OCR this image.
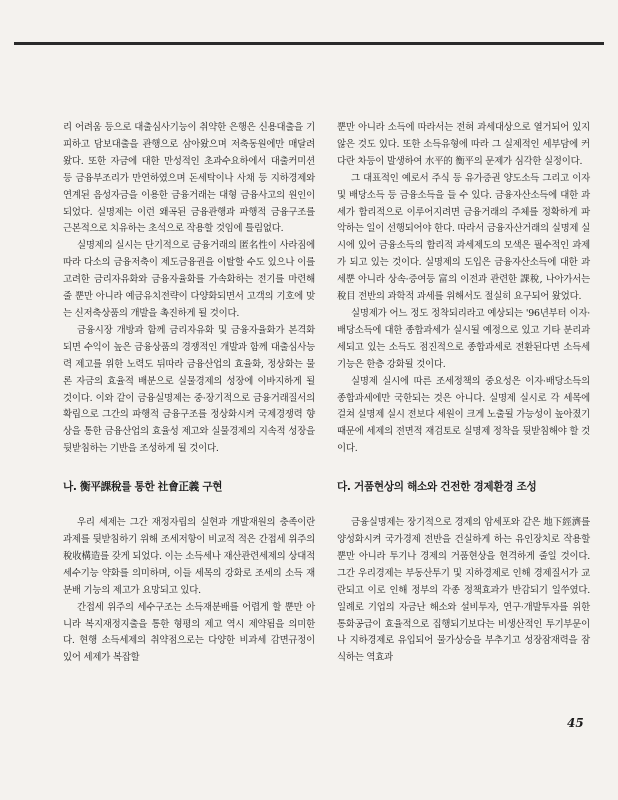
리 어려움 등으로 대출심사기능이 취약한 은행은 신용대출을 기피하고 담보대출을 관행으로 삼아왔으며 저축동원에만 매달려 왔다. 또한 자금에 대한 만성적인 초과수요하에서 대출커미션 등 금융부조리가 만연하였으며 돈세탁이나 사채 등 지하경제와 연계된 음성자금을 이용한 금융거래는 대형 금융사고의 원인이 되었다. 실명제는 이런 왜곡된 금융관행과 파행적 금융구조를 근본적으로 치유하는 초석으로 작용할 것임에 틀림없다.

실명제의 실시는 단기적으로 금융거래의 匿名性이 사라짐에 따라 다소의 금융저축이 제도금융권을 이탈할 수도 있으나 이를 고려한 금리자유화와 금융자율화를 가속화하는 전기를 마련해 줄 뿐만 아니라 예금유치전략이 다양화되면서 고객의 기호에 맞는 신저축상품의 개발을 촉진하게 될 것이다.

금융시장 개방과 함께 금리자유화 및 금융자율화가 본격화되면 수익이 높은 금융상품의 경쟁적인 개발과 함께 대출심사능력 제고를 위한 노력도 뒤따라 금융산업의 효율화, 정상화는 물론 자금의 효율적 배분으로 실물경제의 성장에 이바지하게 될 것이다. 이와 같이 금융실명제는 중·장기적으로 금융거래질서의 확립으로 그간의 파행적 금융구조를 정상화시켜 국제경쟁력 향상을 통한 금융산업의 효율성 제고와 실물경제의 지속적 성장을 뒷받침하는 기반을 조성하게 될 것이다.

나. 衡平課稅를 통한 社會正義 구현

우리 세제는 그간 재정자립의 실현과 개발재원의 충족이란 과제를 뒷받침하기 위해 조세저항이 비교적 적은 간접세 위주의 稅收構造를 갖게 되었다. 이는 소득세나 재산관련세제의 상대적 세수기능 약화를 의미하며, 이들 세목의 강화로 조세의 소득 재분배 기능의 제고가 요망되고 있다.

간접세 위주의 세수구조는 소득재분배를 어렵게 할 뿐만 아니라 복지재정지출을 통한 형평의 제고 역시 제약됨을 의미한다. 현행 소득세제의 취약점으로는 다양한 비과세 감면규정이 있어 세제가 복잡할

뿐만 아니라 소득에 따라서는 전혀 과세대상으로 열거되어 있지 않은 것도 있다. 또한 소득유형에 따라 그 실제적인 세부담에 커다란 차등이 발생하여 水平的 衡平의 문제가 심각한 실정이다.

그 대표적인 예로서 주식 등 유가증권 양도소득 그리고 이자 및 배당소득 등 금융소득을 들 수 있다. 금융자산소득에 대한 과세가 합리적으로 이루어지려면 금융거래의 주체를 정확하게 파악하는 일이 선행되어야 한다. 따라서 금융자산거래의 실명제 실시에 있어 금융소득의 합리적 과세제도의 모색은 필수적인 과제가 되고 있는 것이다. 실명제의 도입은 금융자산소득에 대한 과세뿐 아니라 상속·증여등 富의 이전과 관련한 課稅, 나아가서는 稅目 전반의 과학적 과세를 위해서도 절실히 요구되어 왔었다.

실명제가 어느 정도 정착되리라고 예상되는 '96년부터 이자·배당소득에 대한 종합과세가 실시될 예정으로 있고 기타 분리과세되고 있는 소득도 점진적으로 종합과세로 전환된다면 소득세 기능은 한층 강화될 것이다.

실명제 실시에 따른 조세정책의 중요성은 이자·배당소득의 종합과세에만 국한되는 것은 아니다. 실명제 실시로 각 세목에 걸쳐 실명제 실시 전보다 세원이 크게 노출될 가능성이 높아졌기 때문에 세제의 전면적 재검토로 실명제 정착을 뒷받침해야 할 것이다.

다. 거품현상의 해소와 건전한 경제환경 조성

금융실명제는 장기적으로 경제의 암세포와 같은 地下經濟를 양성화시켜 국가경제 전반을 건실하게 하는 유인장치로 작용할 뿐만 아니라 투기나 경제의 거품현상을 현격하게 줄일 것이다. 그간 우리경제는 부동산투기 및 지하경제로 인해 경제질서가 교란되고 이로 인해 정부의 각종 정책효과가 반감되기 일쑤였다. 일례로 기업의 자금난 해소와 설비투자, 연구·개발투자를 위한 통화공급이 효율적으로 집행되기보다는 비생산적인 투기부문이나 지하경제로 유입되어 물가상승을 부추기고 성장잠재력을 잠식하는 역효과

45
